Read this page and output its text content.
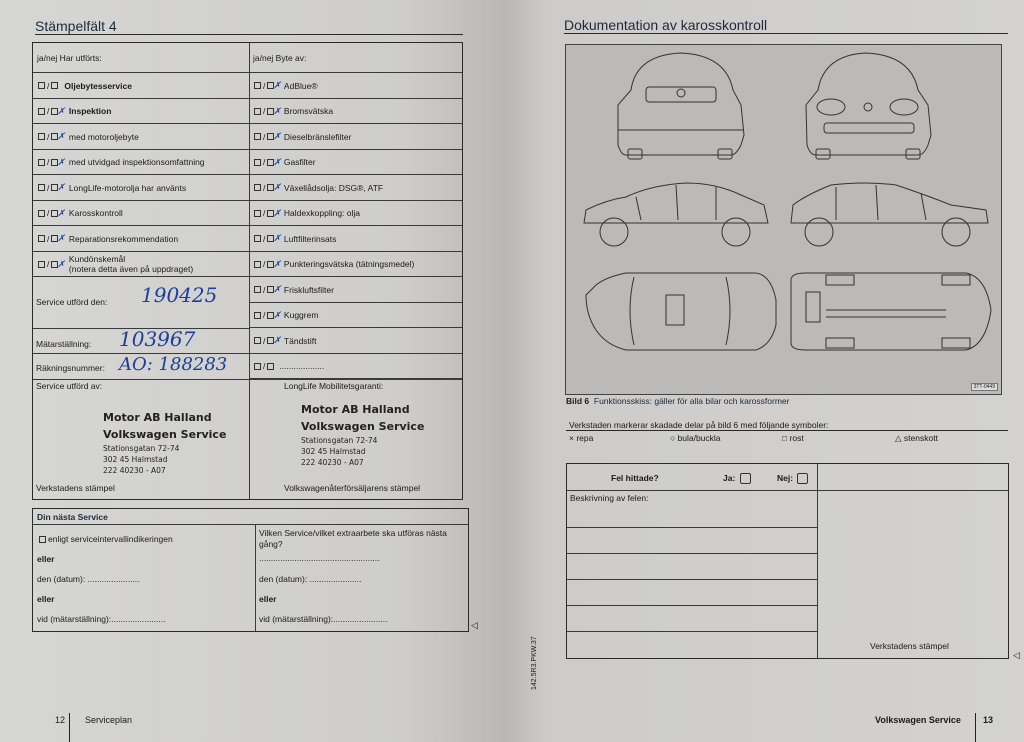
Stämpelfält 4
ja/nej Har utförts:	ja/nej Byte av:
/ Oljebytesservice	/ ✗ AdBlue®
/ ✗ Inspektion	/ ✗ Bromsvätska
/ ✗ med motoroljebyte	/ ✗ Dieselbränslefilter
/ ✗ med utvidgad inspektionsomfattning	/ ✗ Gasfilter
/ ✗ LongLife-motorolja har använts	/ ✗ Växellådsolja: DSG®, ATF
/ ✗ Karosskontroll	/ ✗ Haldexkoppling: olja
/ ✗ Reparationsrekommendation	/ ✗ Luftfilterinsats
/ ✗ Kundönskemål
(notera detta även på uppdraget)	/ ✗ Punkteringsvätska (tätningsmedel)
/ ✗ Friskluftsfilter
/ ✗ Kuggrem
/ ✗ Tändstift
/ ...................
Service utförd den: 190425
Mätarställning: 103967
Räkningsnummer: AO: 188283
Service utförd av:	LongLife Mobilitetsgaranti:
Motor AB Halland
Volkswagen Service
Stationsgatan 72-74
302 45 Halmstad
222 40230 - A07
Motor AB Halland
Volkswagen Service
Stationsgatan 72-74
302 45 Halmstad
222 40230 - A07
Verkstadens stämpel	Volkswagenåterförsäljarens stämpel
Din nästa Service
enligt serviceintervallindikeringen
eller
den (datum): ......................
eller
vid (mätarställning):.......................
Vilken Service/vilket extraarbete ska utföras nästa gång?
...................................................
den (datum): ......................
eller
vid (mätarställning):.......................
◁
12 Serviceplan
Dokumentation av karosskontroll
3TT-0449
Bild 6 Funktionsskiss: gäller för alla bilar och karossformer
Verkstaden markerar skadade delar på bild 6 med följande symboler:
× repa	○ bula/buckla	□ rost	△ stenskott
Fel hittade?	Ja:	Nej:
Beskrivning av felen:
Verkstadens stämpel
◁
142.5R3.PKW.37
Volkswagen Service 13
